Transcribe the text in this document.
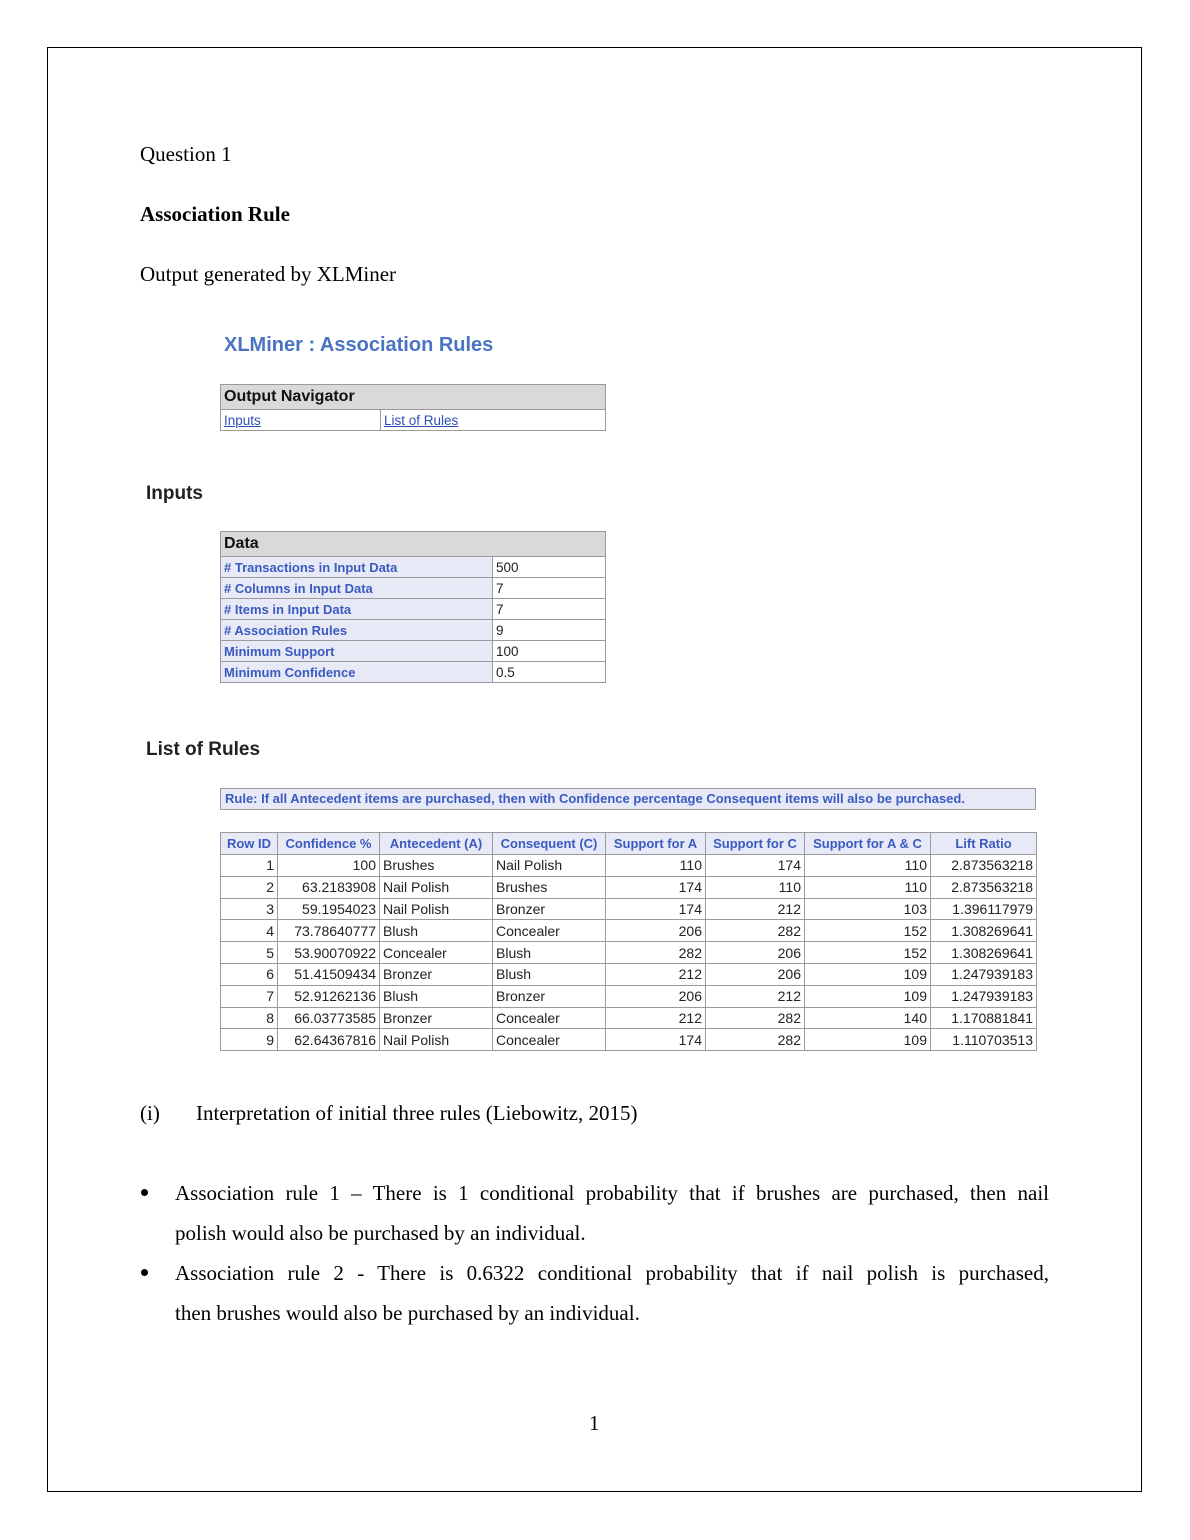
Question 1
Association Rule
Output generated by XLMiner
XLMiner : Association Rules
Output Navigator
Inputs	List of Rules
Inputs
Data	
# Transactions in Input Data	500
# Columns in Input Data	7
# Items in Input Data	7
# Association Rules	9
Minimum Support	100
Minimum Confidence	0.5
List of Rules
Rule: If all Antecedent items are purchased, then with Confidence percentage Consequent items will also be purchased.
Row ID	Confidence %	Antecedent (A)	Consequent (C)	Support for A	Support for C	Support for A & C	Lift Ratio
1	100	Brushes	Nail Polish	110	174	110	2.873563218
2	63.2183908	Nail Polish	Brushes	174	110	110	2.873563218
3	59.1954023	Nail Polish	Bronzer	174	212	103	1.396117979
4	73.78640777	Blush	Concealer	206	282	152	1.308269641
5	53.90070922	Concealer	Blush	282	206	152	1.308269641
6	51.41509434	Bronzer	Blush	212	206	109	1.247939183
7	52.91262136	Blush	Bronzer	206	212	109	1.247939183
8	66.03773585	Bronzer	Concealer	212	282	140	1.170881841
9	62.64367816	Nail Polish	Concealer	174	282	109	1.110703513
(i) Interpretation of initial three rules (Liebowitz, 2015)
Association rule 1 – There is 1 conditional probability that if brushes are purchased, then nail
polish would also be purchased by an individual.
Association rule 2 - There is 0.6322 conditional probability that if nail polish is purchased,
then brushes would also be purchased by an individual.
1
